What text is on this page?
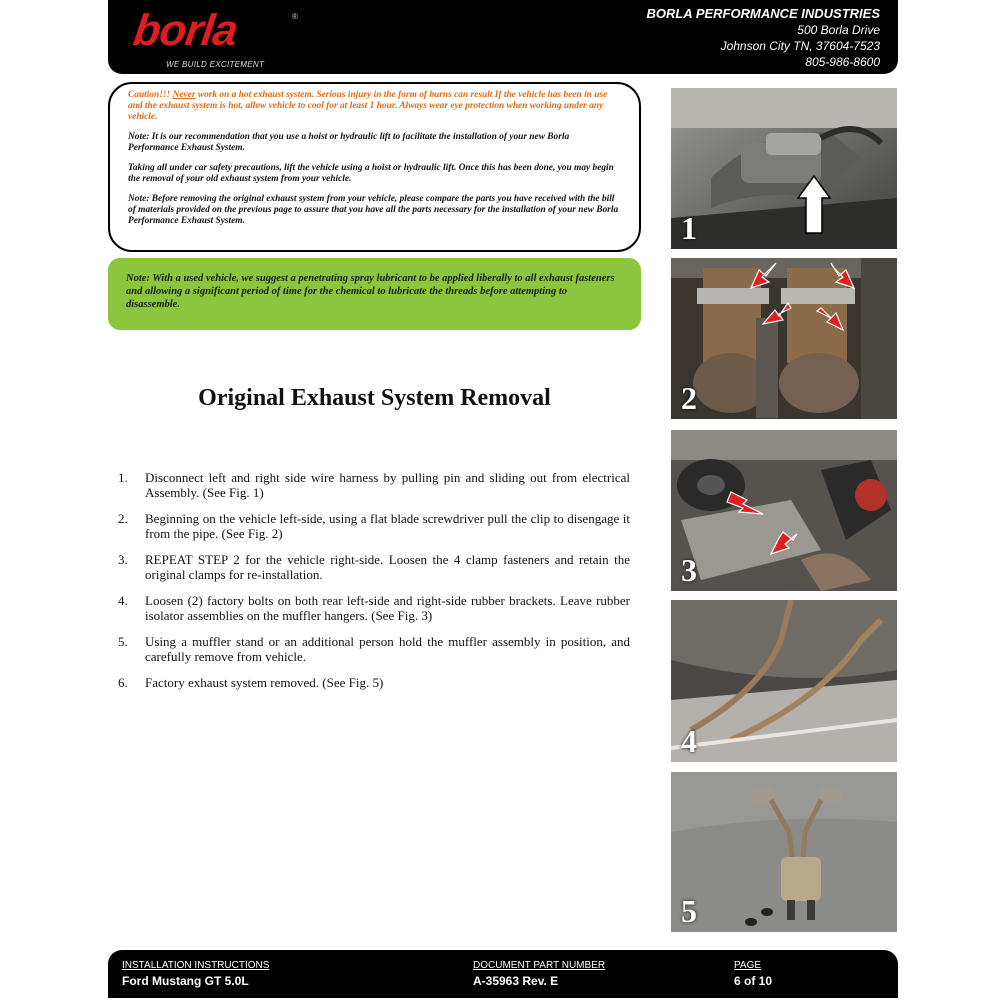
borla	®
WE BUILD EXCITEMENT
BORLA PERFORMANCE INDUSTRIES
500 Borla Drive
Johnson City TN, 37604-7523
805-986-8600

Caution!!! Never work on a hot exhaust system. Serious injury in the form of burns can result If the vehicle has been in use and the exhaust system is hot, allow vehicle to cool for at least 1 hour. Always wear eye protection when working under any vehicle.

Note: It is our recommendation that you use a hoist or hydraulic lift to facilitate the installation of your new Borla Performance Exhaust System.

Taking all under car safety precautions, lift the vehicle using a hoist or hydraulic lift. Once this has been done, you may begin the removal of your old exhaust system from your vehicle.

Note: Before removing the original exhaust system from your vehicle, please compare the parts you have received with the bill of materials provided on the previous page to assure that you have all the parts necessary for the installation of your new Borla Performance Exhaust System.

Note: With a used vehicle, we suggest a penetrating spray lubricant to be applied liberally to all exhaust fasteners and allowing a significant period of time for the chemical to lubricate the threads before attempting to disassemble.
Original Exhaust System Removal
1.	Disconnect left and right side wire harness by pulling pin and sliding out from electrical Assembly. (See Fig. 1)
2.	Beginning on the vehicle left-side, using a flat blade screwdriver pull the clip to disengage it from the pipe. (See Fig. 2)
3.	REPEAT STEP 2 for the vehicle right-side. Loosen the 4 clamp fasteners and retain the original clamps for re-installation.
4.	Loosen (2) factory bolts on both rear left-side and right-side rubber brackets. Leave rubber isolator assemblies on the muffler hangers. (See Fig. 3)
5.	Using a muffler stand or an additional person hold the muffler assembly in position, and carefully remove from vehicle.
6.	Factory exhaust system removed. (See Fig. 5)
1
2
3
4
5
INSTALLATION INSTRUCTIONS
Ford Mustang GT 5.0L
DOCUMENT PART NUMBER
A-35963 Rev. E
PAGE
6 of 10
